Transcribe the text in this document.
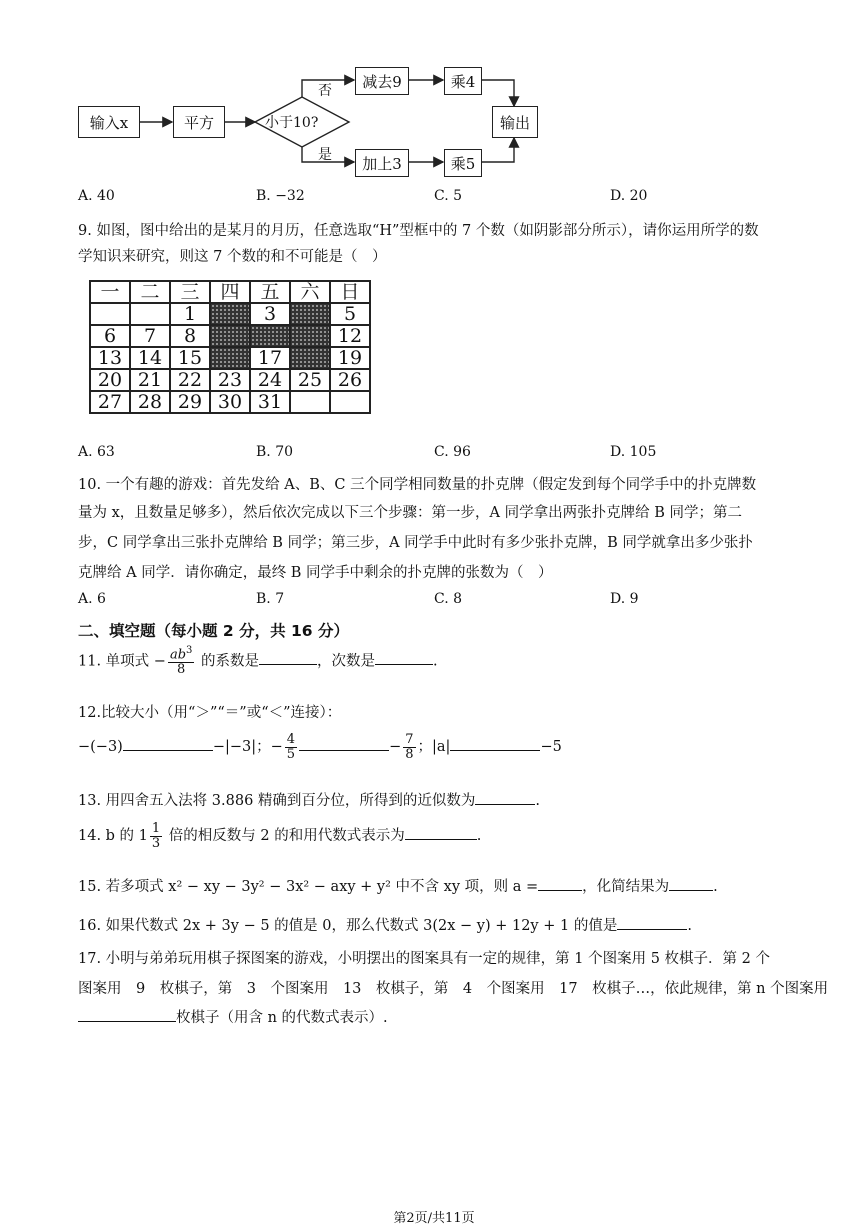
输入x	平方	小于10?
否
是
减去9	乘4
加上3	乘5
输出
A. 40	B. −32	C. 5	D. 20
9. 如图，图中给出的是某月的月历，任意选取“H”型框中的 7 个数（如阴影部分所示），请你运用所学的数
学知识来研究，则这 7 个数的和不可能是（　）
一	二	三	四	五	六	日
		1		3		5
6	7	8				12
13	14	15		17		19
20	21	22	23	24	25	26
27	28	29	30	31		
A. 63	B. 70	C. 96	D. 105
10. 一个有趣的游戏：首先发给 A、B、C 三个同学相同数量的扑克牌（假定发到每个同学手中的扑克牌数
量为 x，且数量足够多），然后依次完成以下三个步骤：第一步，A 同学拿出两张扑克牌给 B 同学；第二
步，C 同学拿出三张扑克牌给 B 同学；第三步，A 同学手中此时有多少张扑克牌，B 同学就拿出多少张扑
克牌给 A 同学．请你确定，最终 B 同学手中剩余的扑克牌的张数为（　）
A. 6	B. 7	C. 8	D. 9
二、填空题（每小题 2 分，共 16 分）
11. 单项式 − $\frac{ab^3}{8}$ 的系数是	，次数是	.
12.比较大小（用“＞”“＝”或“＜”连接）：
−(−3)	−|−3|；− $\frac{4}{5}$	− $\frac{7}{8}$ ；|a|	−5
13. 用四舍五入法将 3.886 精确到百分位，所得到的近似数为	.
14. b 的 $1 \frac{1}{3}$ 倍的相反数与 2 的和用代数式表示为	.
15. 若多项式 x² − xy − 3y² − 3x² − axy + y² 中不含 xy 项，则 a =	，化简结果为	.
16. 如果代数式 2x + 3y − 5 的值是 0，那么代数式 3(2x − y) + 12y + 1 的值是	.
17. 小明与弟弟玩用棋子探图案的游戏，小明摆出的图案具有一定的规律，第 1 个图案用 5 枚棋子．第 2 个
图案用　9　枚棋子，第　3　个图案用　13　枚棋子，第　4　个图案用　17　枚棋子…，依此规律，第 n 个图案用
枚棋子（用含 n 的代数式表示）.
第2页/共11页
